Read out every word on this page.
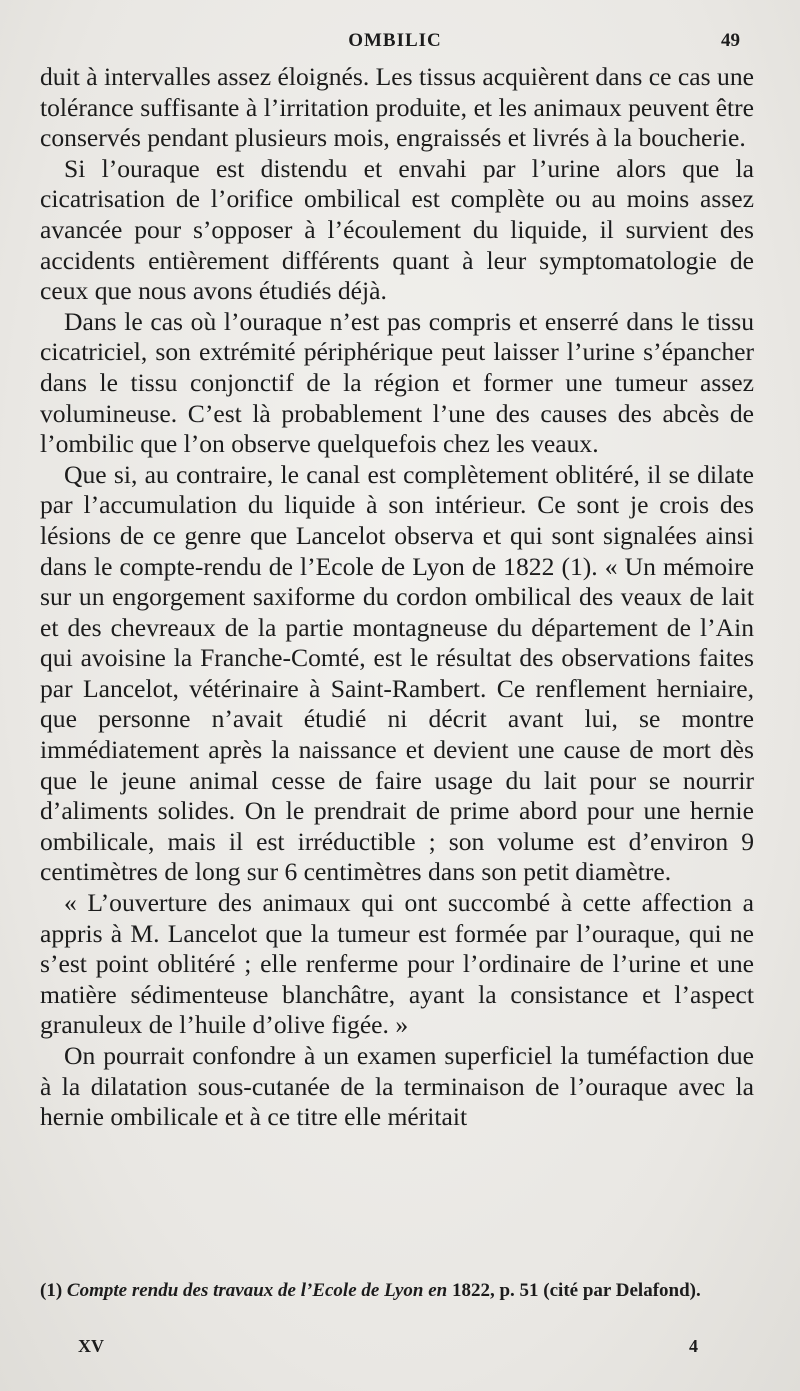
OMBILIC	49

duit à intervalles assez éloignés. Les tissus acquièrent dans ce cas une tolérance suffisante à l’irritation produite, et les animaux peuvent être conservés pendant plusieurs mois, engraissés et livrés à la boucherie.

Si l’ouraque est distendu et envahi par l’urine alors que la cicatrisation de l’orifice ombilical est complète ou au moins assez avancée pour s’opposer à l’écoulement du liquide, il survient des accidents entièrement différents quant à leur symptomatologie de ceux que nous avons étudiés déjà.

Dans le cas où l’ouraque n’est pas compris et enserré dans le tissu cicatriciel, son extrémité périphérique peut laisser l’urine s’épancher dans le tissu conjonctif de la région et former une tumeur assez volumineuse. C’est là probablement l’une des causes des abcès de l’ombilic que l’on observe quelquefois chez les veaux.

Que si, au contraire, le canal est complètement oblitéré, il se dilate par l’accumulation du liquide à son intérieur. Ce sont je crois des lésions de ce genre que Lancelot observa et qui sont signalées ainsi dans le compte-rendu de l’Ecole de Lyon de 1822 (1). « Un mémoire sur un engorgement saxiforme du cordon ombilical des veaux de lait et des chevreaux de la partie montagneuse du département de l’Ain qui avoisine la Franche-Comté, est le résultat des observations faites par Lancelot, vétérinaire à Saint-Rambert. Ce renflement herniaire, que personne n’avait étudié ni décrit avant lui, se montre immédiatement après la naissance et devient une cause de mort dès que le jeune animal cesse de faire usage du lait pour se nourrir d’aliments solides. On le prendrait de prime abord pour une hernie ombilicale, mais il est irréductible ; son volume est d’environ 9 centimètres de long sur 6 centimètres dans son petit diamètre.

« L’ouverture des animaux qui ont succombé à cette affection a appris à M. Lancelot que la tumeur est formée par l’ouraque, qui ne s’est point oblitéré ; elle renferme pour l’ordinaire de l’urine et une matière sédimenteuse blanchâtre, ayant la consistance et l’aspect granuleux de l’huile d’olive figée. »

On pourrait confondre à un examen superficiel la tuméfaction due à la dilatation sous-cutanée de la terminaison de l’ouraque avec la hernie ombilicale et à ce titre elle méritait

(1) Compte rendu des travaux de l’Ecole de Lyon en 1822, p. 51 (cité par Delafond).
XV	4
